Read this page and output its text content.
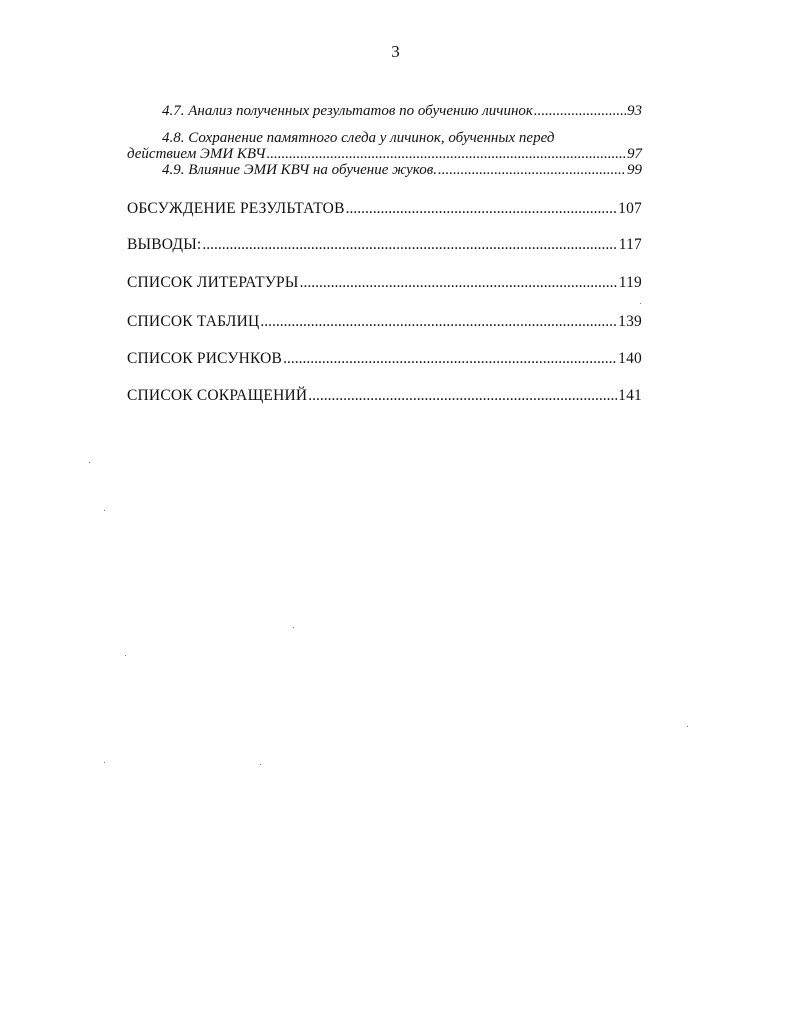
3
4.7. Анализ полученных результатов по обучению личинок .....	93
4.8. Сохранение памятного следа у личинок, обученных перед
действием ЭМИ КВЧ .....	97
4.9. Влияние ЭМИ КВЧ на обучение жуков. .....	99
ОБСУЖДЕНИЕ РЕЗУЛЬТАТОВ .....	107
ВЫВОДЫ: .....	117
СПИСОК ЛИТЕРАТУРЫ .....	119
СПИСОК ТАБЛИЦ .....	139
СПИСОК РИСУНКОВ .....	140
СПИСОК СОКРАЩЕНИЙ .....	141
